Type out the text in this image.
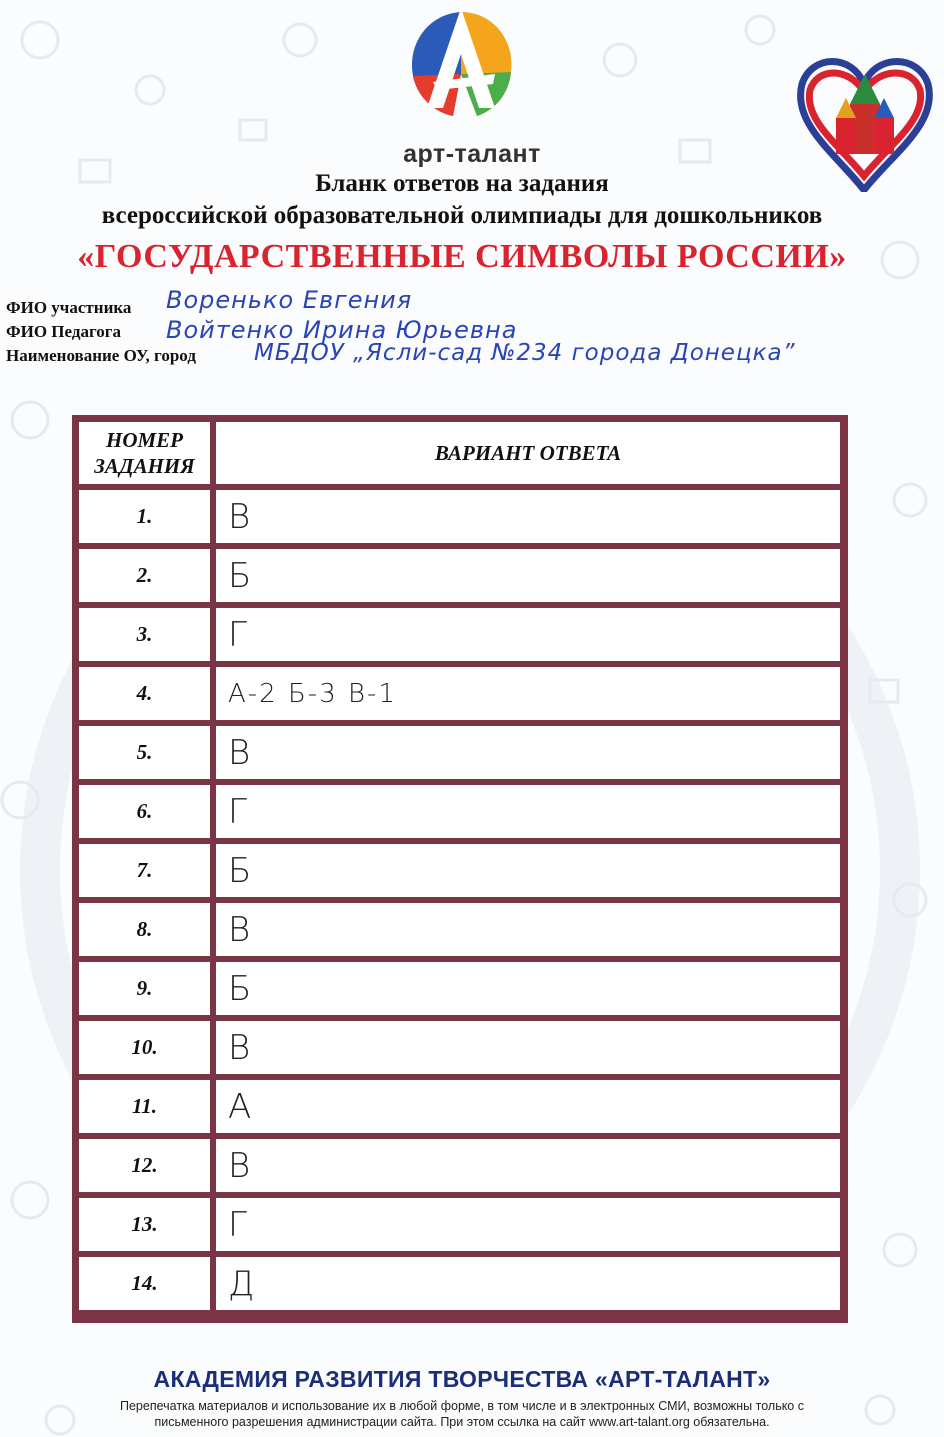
арт-талант
Бланк ответов на задания
всероссийской образовательной олимпиады для дошкольников
«ГОСУДАРСТВЕННЫЕ СИМВОЛЫ РОССИИ»
ФИО участника Воренько Евгения
ФИО Педагога Войтенко Ирина Юрьевна
Наименование ОУ, город	МБДОУ „Ясли-сад №234 города Донецка”
НОМЕР
ЗАДАНИЯ
ВАРИАНТ ОТВЕТА
1.	В
2.	Б
3.	Г
4.	А-2 Б-3 В-1
5.	В
6.	Г
7.	Б
8.	В
9.	Б
10.	В
11.	А
12.	В
13.	Г
14.	Д
АКАДЕМИЯ РАЗВИТИЯ ТВОРЧЕСТВА «АРТ-ТАЛАНТ»
Перепечатка материалов и использование их в любой форме, в том числе и в электронных СМИ, возможны только с
письменного разрешения администрации сайта. При этом ссылка на сайт www.art-talant.org обязательна.
